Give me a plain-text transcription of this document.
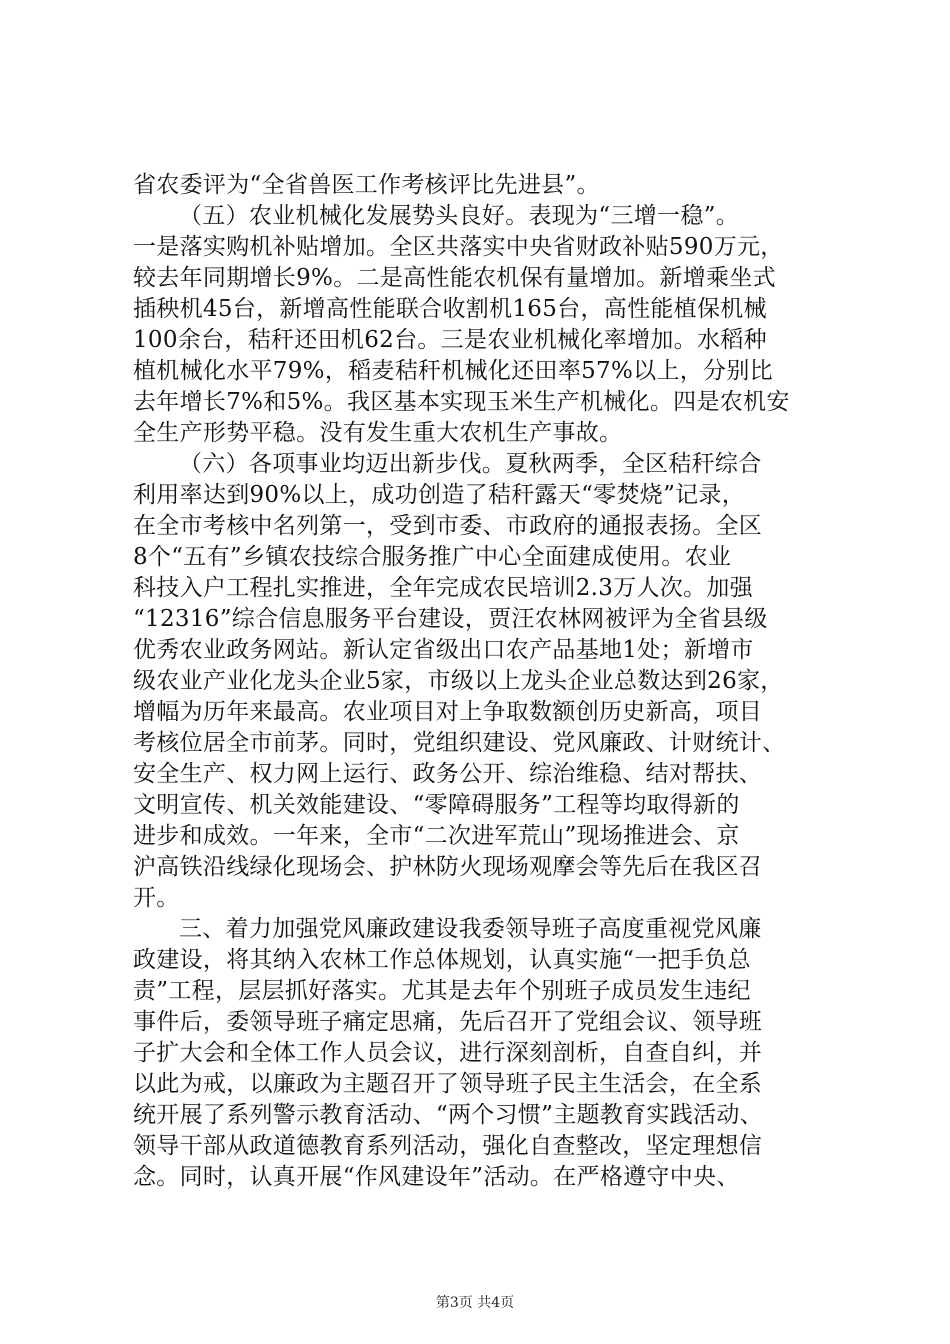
省农委评为“全省兽医工作考核评比先进县”。
（五）农业机械化发展势头良好。表现为“三增一稳”。
一是落实购机补贴增加。全区共落实中央省财政补贴590万元，
较去年同期增长9%。二是高性能农机保有量增加。新增乘坐式
插秧机45台，新增高性能联合收割机165台，高性能植保机械
100余台，秸秆还田机62台。三是农业机械化率增加。水稻种
植机械化水平79%，稻麦秸秆机械化还田率57%以上，分别比
去年增长7%和5%。我区基本实现玉米生产机械化。四是农机安
全生产形势平稳。没有发生重大农机生产事故。
（六）各项事业均迈出新步伐。夏秋两季，全区秸秆综合
利用率达到90%以上，成功创造了秸秆露天“零焚烧”记录，
在全市考核中名列第一，受到市委、市政府的通报表扬。全区
8个“五有”乡镇农技综合服务推广中心全面建成使用。农业
科技入户工程扎实推进，全年完成农民培训2.3万人次。加强
“12316”综合信息服务平台建设，贾汪农林网被评为全省县级
优秀农业政务网站。新认定省级出口农产品基地1处；新增市
级农业产业化龙头企业5家，市级以上龙头企业总数达到26家，
增幅为历年来最高。农业项目对上争取数额创历史新高，项目
考核位居全市前茅。同时，党组织建设、党风廉政、计财统计、
安全生产、权力网上运行、政务公开、综治维稳、结对帮扶、
文明宣传、机关效能建设、“零障碍服务”工程等均取得新的
进步和成效。一年来，全市“二次进军荒山”现场推进会、京
沪高铁沿线绿化现场会、护林防火现场观摩会等先后在我区召
开。
三、着力加强党风廉政建设我委领导班子高度重视党风廉
政建设，将其纳入农林工作总体规划，认真实施“一把手负总
责”工程，层层抓好落实。尤其是去年个别班子成员发生违纪
事件后，委领导班子痛定思痛，先后召开了党组会议、领导班
子扩大会和全体工作人员会议，进行深刻剖析，自查自纠，并
以此为戒，以廉政为主题召开了领导班子民主生活会，在全系
统开展了系列警示教育活动、“两个习惯”主题教育实践活动、
领导干部从政道德教育系列活动，强化自查整改，坚定理想信
念。同时，认真开展“作风建设年”活动。在严格遵守中央、
第3页 共4页
